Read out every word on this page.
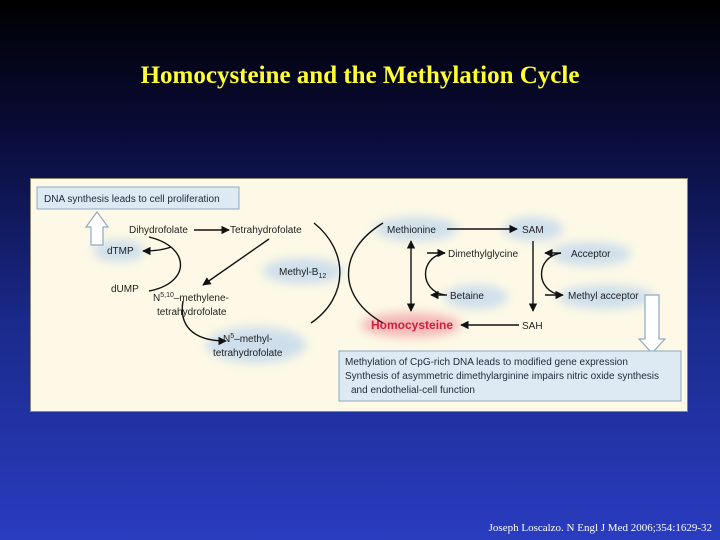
Homocysteine and the Methylation Cycle
DNA synthesis leads to cell proliferation
Methylation of CpG-rich DNA leads to modified gene expression
Synthesis of asymmetric dimethylarginine impairs nitric oxide synthesis
and endothelial-cell function
Dihydrofolate	Tetrahydrofolate
dTMP
dUMP
N$^{5,10}$–methylene-
tetrahydrofolate
$N^5-methyl-$
tetrahydrofolate
Methyl-$B_{12}$
Methionine	SAM
Dimethylglycine
Betaine
Homocysteine	SAH
Acceptor
Methyl acceptor
Joseph Loscalzo. N Engl J Med 2006;354:1629-32
